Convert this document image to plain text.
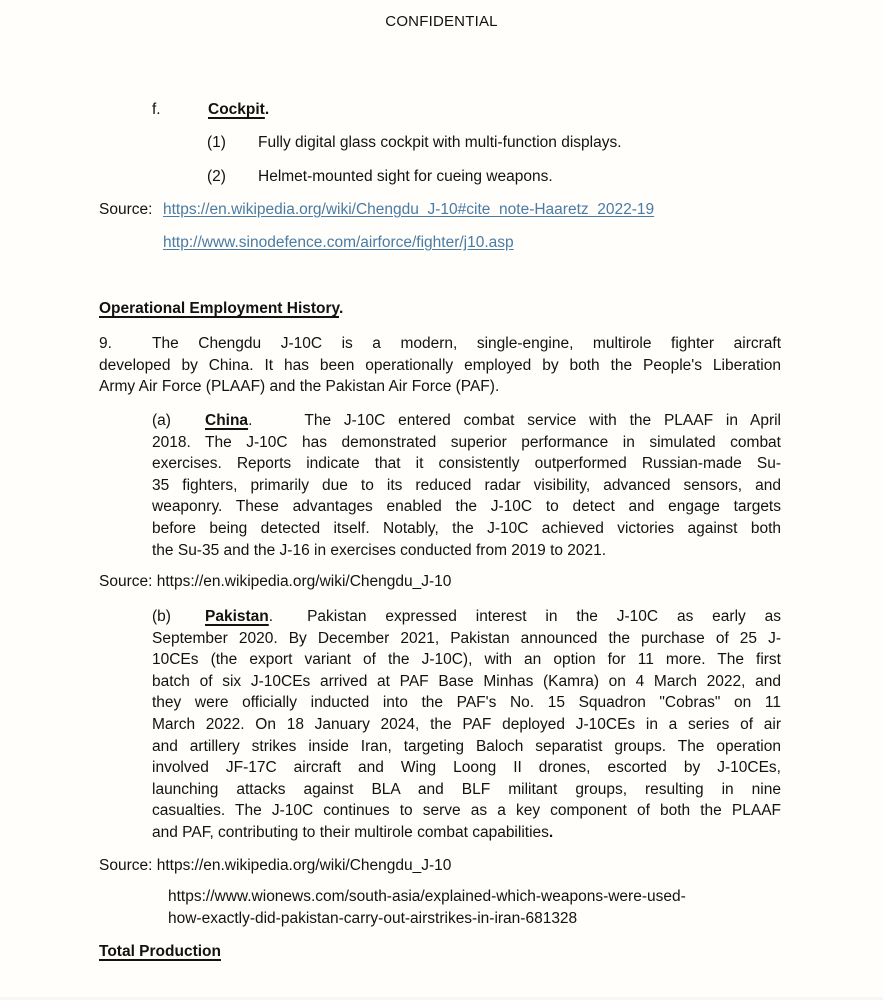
CONFIDENTIAL
f.	Cockpit.
(1) Fully digital glass cockpit with multi-function displays.
(2) Helmet-mounted sight for cueing weapons.
Source: https://en.wikipedia.org/wiki/Chengdu_J-10#cite_note-Haaretz_2022-19
http://www.sinodefence.com/airforce/fighter/j10.asp
Operational Employment History.
9.	The Chengdu J-10C is a modern, single-engine, multirole fighter aircraft
developed by China. It has been operationally employed by both the People's Liberation
Army Air Force (PLAAF) and the Pakistan Air Force (PAF).
(a) China.	The J-10C entered combat service with the PLAAF in April
2018. The J-10C has demonstrated superior performance in simulated combat
exercises. Reports indicate that it consistently outperformed Russian-made Su-
35 fighters, primarily due to its reduced radar visibility, advanced sensors, and
weaponry. These advantages enabled the J-10C to detect and engage targets
before being detected itself. Notably, the J-10C achieved victories against both
the Su-35 and the J-16 in exercises conducted from 2019 to 2021.
Source: https://en.wikipedia.org/wiki/Chengdu_J-10
(b) Pakistan. Pakistan expressed interest in the J-10C as early as
September 2020. By December 2021, Pakistan announced the purchase of 25 J-
10CEs (the export variant of the J-10C), with an option for 11 more. The first
batch of six J-10CEs arrived at PAF Base Minhas (Kamra) on 4 March 2022, and
they were officially inducted into the PAF's No. 15 Squadron "Cobras" on 11
March 2022. On 18 January 2024, the PAF deployed J-10CEs in a series of air
and artillery strikes inside Iran, targeting Baloch separatist groups. The operation
involved JF-17C aircraft and Wing Loong II drones, escorted by J-10CEs,
launching attacks against BLA and BLF militant groups, resulting in nine
casualties. The J-10C continues to serve as a key component of both the PLAAF
and PAF, contributing to their multirole combat capabilities.
Source: https://en.wikipedia.org/wiki/Chengdu_J-10
https://www.wionews.com/south-asia/explained-which-weapons-were-used-
how-exactly-did-pakistan-carry-out-airstrikes-in-iran-681328
Total Production
